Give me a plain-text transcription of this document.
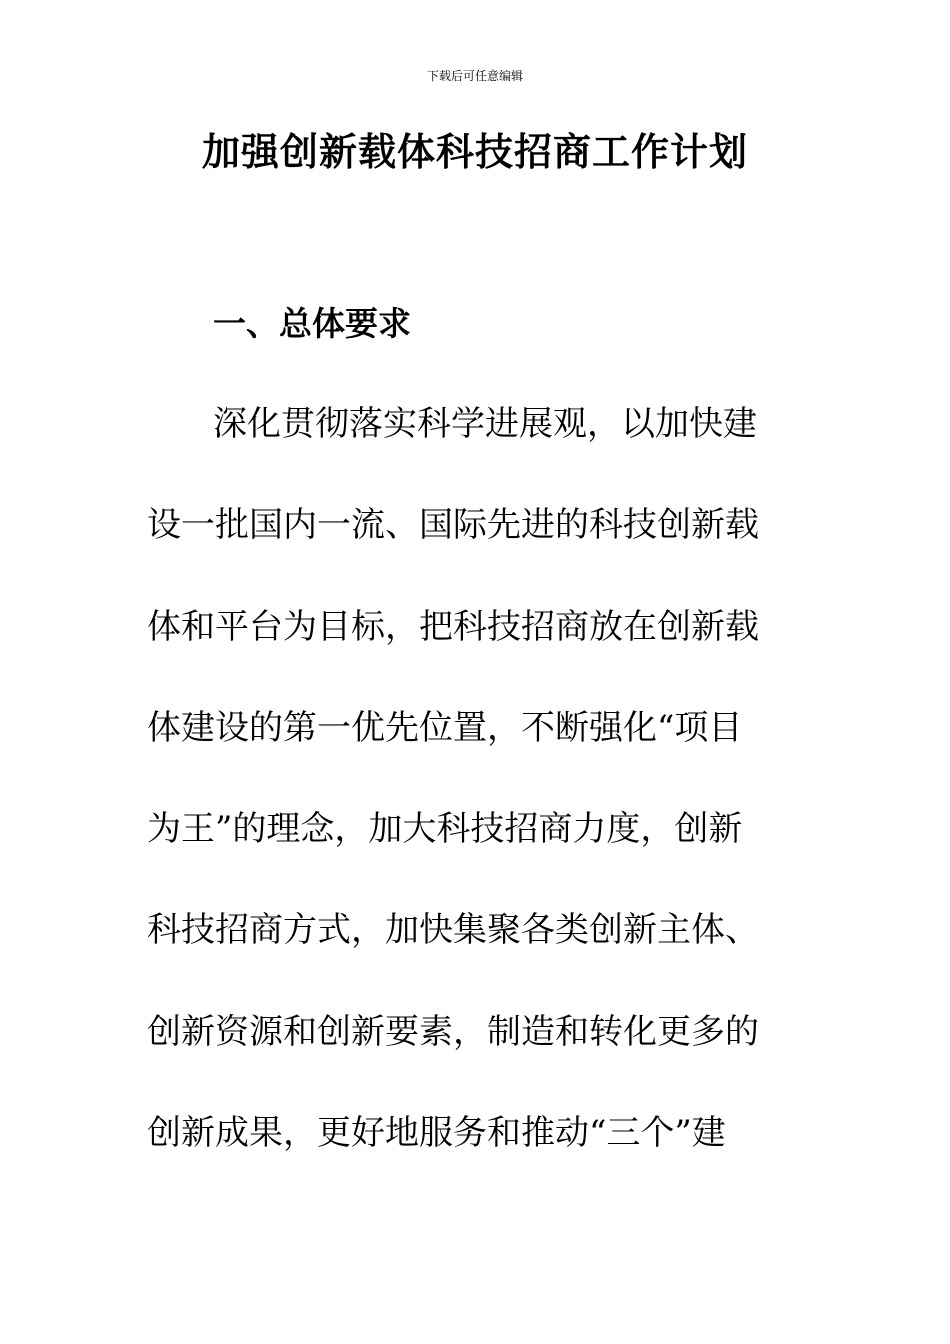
下载后可任意编辑
加强创新载体科技招商工作计划
一、总体要求
深化贯彻落实科学进展观，以加快建
设一批国内一流、国际先进的科技创新载
体和平台为目标，把科技招商放在创新载
体建设的第一优先位置，不断强化“项目
为王”的理念，加大科技招商力度，创新
科技招商方式，加快集聚各类创新主体、
创新资源和创新要素，制造和转化更多的
创新成果，更好地服务和推动“三个”建
